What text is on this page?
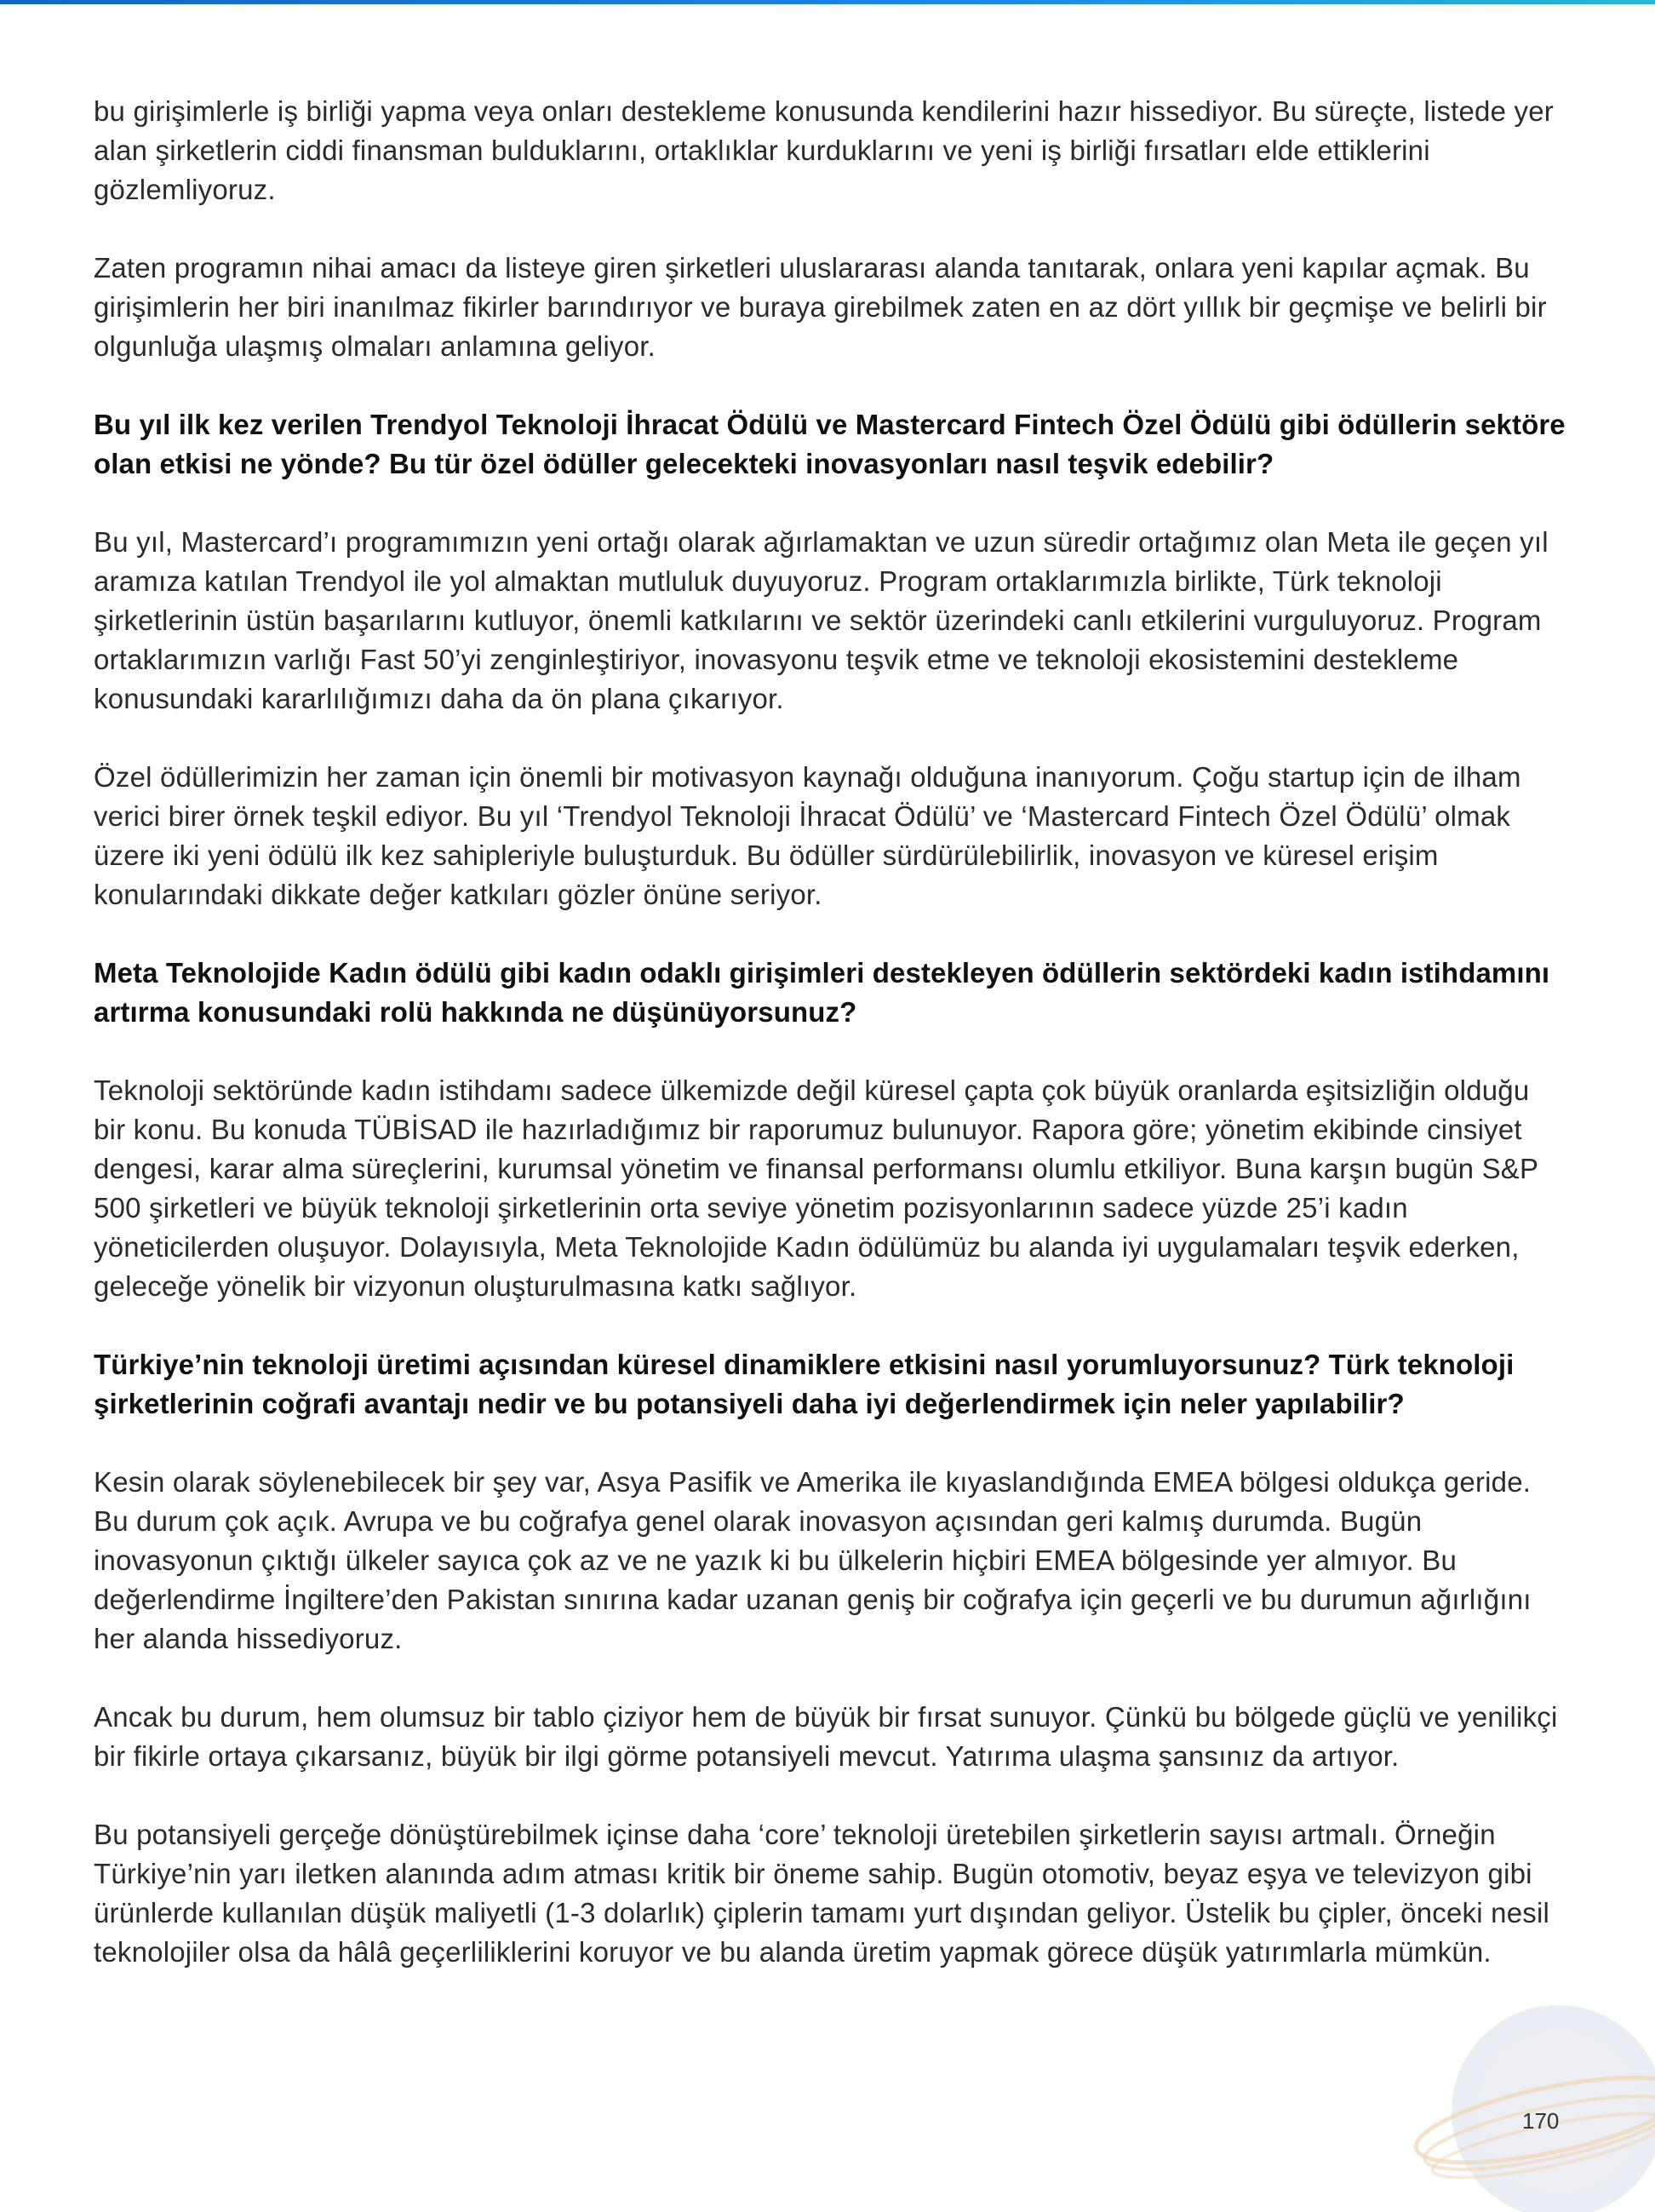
bu girişimlerle iş birliği yapma veya onları destekleme konusunda kendilerini hazır hissediyor. Bu süreçte, listede yer alan şirketlerin ciddi finansman bulduklarını, ortaklıklar kurduklarını ve yeni iş birliği fırsatları elde ettiklerini gözlemliyoruz.

Zaten programın nihai amacı da listeye giren şirketleri uluslararası alanda tanıtarak, onlara yeni kapılar açmak. Bu girişimlerin her biri inanılmaz fikirler barındırıyor ve buraya girebilmek zaten en az dört yıllık bir geçmişe ve belirli bir olgunluğa ulaşmış olmaları anlamına geliyor.

Bu yıl ilk kez verilen Trendyol Teknoloji İhracat Ödülü ve Mastercard Fintech Özel Ödülü gibi ödüllerin sektöre olan etkisi ne yönde? Bu tür özel ödüller gelecekteki inovasyonları nasıl teşvik edebilir?

Bu yıl, Mastercard’ı programımızın yeni ortağı olarak ağırlamaktan ve uzun süredir ortağımız olan Meta ile geçen yıl aramıza katılan Trendyol ile yol almaktan mutluluk duyuyoruz. Program ortaklarımızla birlikte, Türk teknoloji şirketlerinin üstün başarılarını kutluyor, önemli katkılarını ve sektör üzerindeki canlı etkilerini vurguluyoruz. Program ortaklarımızın varlığı Fast 50’yi zenginleştiriyor, inovasyonu teşvik etme ve teknoloji ekosistemini destekleme konusundaki kararlılığımızı daha da ön plana çıkarıyor.

Özel ödüllerimizin her zaman için önemli bir motivasyon kaynağı olduğuna inanıyorum. Çoğu startup için de ilham verici birer örnek teşkil ediyor. Bu yıl ‘Trendyol Teknoloji İhracat Ödülü’ ve ‘Mastercard Fintech Özel Ödülü’ olmak üzere iki yeni ödülü ilk kez sahipleriyle buluşturduk. Bu ödüller sürdürülebilirlik, inovasyon ve küresel erişim konularındaki dikkate değer katkıları gözler önüne seriyor.

Meta Teknolojide Kadın ödülü gibi kadın odaklı girişimleri destekleyen ödüllerin sektördeki kadın istihdamını artırma konusundaki rolü hakkında ne düşünüyorsunuz?

Teknoloji sektöründe kadın istihdamı sadece ülkemizde değil küresel çapta çok büyük oranlarda eşitsizliğin olduğu bir konu. Bu konuda TÜBİSAD ile hazırladığımız bir raporumuz bulunuyor. Rapora göre; yönetim ekibinde cinsiyet dengesi, karar alma süreçlerini, kurumsal yönetim ve finansal performansı olumlu etkiliyor. Buna karşın bugün S&P 500 şirketleri ve büyük teknoloji şirketlerinin orta seviye yönetim pozisyonlarının sadece yüzde 25’i kadın yöneticilerden oluşuyor. Dolayısıyla, Meta Teknolojide Kadın ödülümüz bu alanda iyi uygulamaları teşvik ederken, geleceğe yönelik bir vizyonun oluşturulmasına katkı sağlıyor.

Türkiye’nin teknoloji üretimi açısından küresel dinamiklere etkisini nasıl yorumluyorsunuz? Türk teknoloji şirketlerinin coğrafi avantajı nedir ve bu potansiyeli daha iyi değerlendirmek için neler yapılabilir?

Kesin olarak söylenebilecek bir şey var, Asya Pasifik ve Amerika ile kıyaslandığında EMEA bölgesi oldukça geride. Bu durum çok açık. Avrupa ve bu coğrafya genel olarak inovasyon açısından geri kalmış durumda. Bugün inovasyonun çıktığı ülkeler sayıca çok az ve ne yazık ki bu ülkelerin hiçbiri EMEA bölgesinde yer almıyor. Bu değerlendirme İngiltere’den Pakistan sınırına kadar uzanan geniş bir coğrafya için geçerli ve bu durumun ağırlığını her alanda hissediyoruz.

Ancak bu durum, hem olumsuz bir tablo çiziyor hem de büyük bir fırsat sunuyor. Çünkü bu bölgede güçlü ve yenilikçi bir fikirle ortaya çıkarsanız, büyük bir ilgi görme potansiyeli mevcut. Yatırıma ulaşma şansınız da artıyor.

Bu potansiyeli gerçeğe dönüştürebilmek içinse daha ‘core’ teknoloji üretebilen şirketlerin sayısı artmalı. Örneğin Türkiye’nin yarı iletken alanında adım atması kritik bir öneme sahip. Bugün otomotiv, beyaz eşya ve televizyon gibi ürünlerde kullanılan düşük maliyetli (1-3 dolarlık) çiplerin tamamı yurt dışından geliyor. Üstelik bu çipler, önceki nesil teknolojiler olsa da hâlâ geçerliliklerini koruyor ve bu alanda üretim yapmak görece düşük yatırımlarla mümkün.

170
